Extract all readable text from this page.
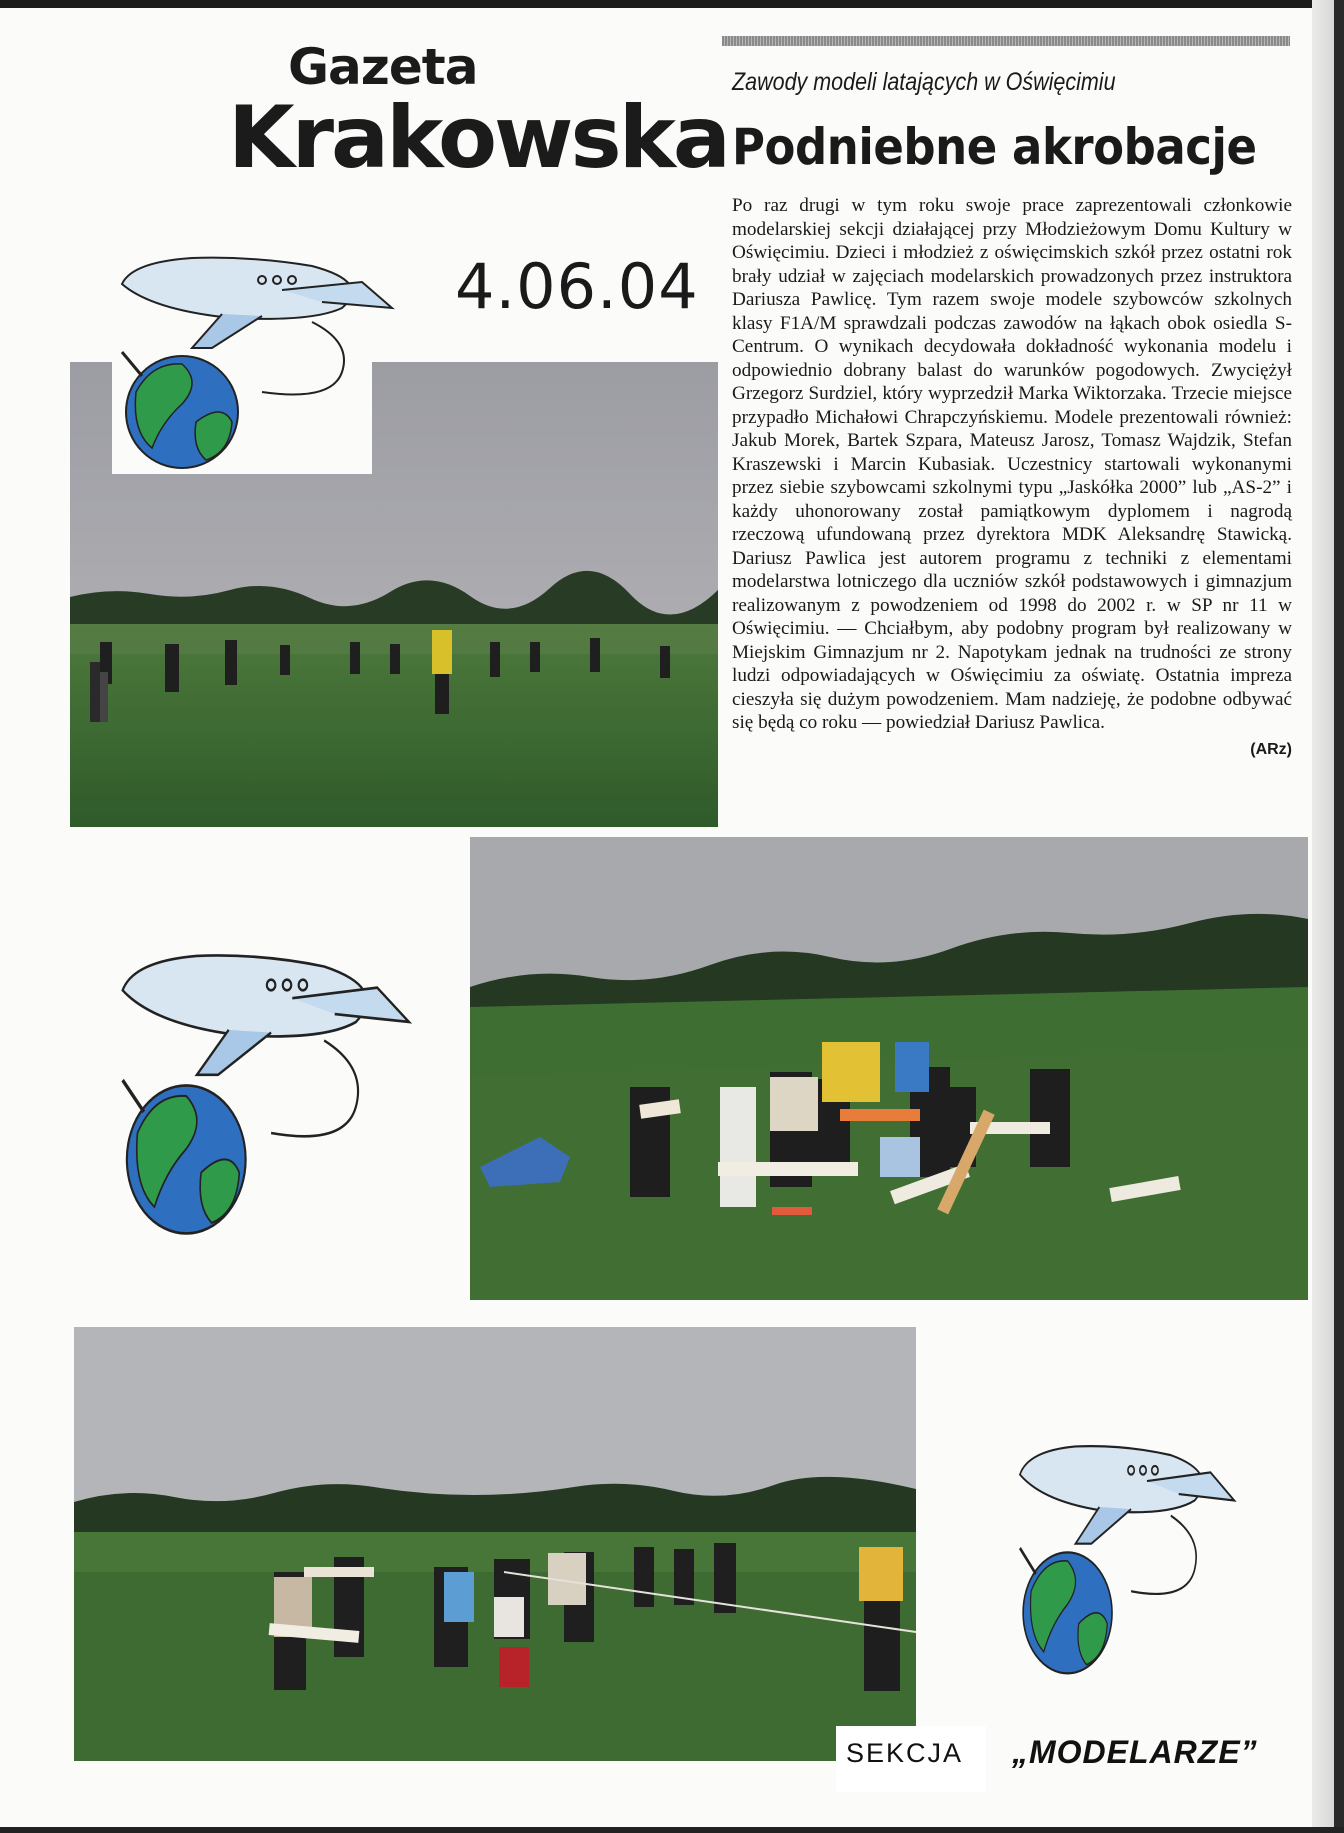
Gazeta
Krakowska
4.06.04
Zawody modeli latających w Oświęcimiu
Podniebne akrobacje

Po raz drugi w tym roku swoje prace zaprezentowali członkowie modelarskiej sekcji działającej przy Młodzieżowym Domu Kultury w Oświęcimiu. Dzieci i młodzież z oświęcimskich szkół przez ostatni rok brały udział w zajęciach modelarskich prowadzonych przez instruktora Dariusza Pawlicę. Tym razem swoje modele szybowców szkolnych klasy F1A/M sprawdzali podczas zawodów na łąkach obok osiedla S-Centrum. O wynikach decydowała dokładność wykonania modelu i odpowiednio dobrany balast do warunków pogodowych. Zwyciężył Grzegorz Surdziel, który wyprzedził Marka Wiktorzaka. Trzecie miejsce przypadło Michałowi Chrapczyńskiemu. Modele prezentowali również: Jakub Morek, Bartek Szpara, Mateusz Jarosz, Tomasz Wajdzik, Stefan Kraszewski i Marcin Kubasiak. Uczestnicy startowali wykonanymi przez siebie szybowcami szkolnymi typu „Jaskółka 2000” lub „AS-2” i każdy uhonorowany został pamiątkowym dyplomem i nagrodą rzeczową ufundowaną przez dyrektora MDK Aleksandrę Stawicką. Dariusz Pawlica jest autorem programu z techniki z elementami modelarstwa lotniczego dla uczniów szkół podstawowych i gimnazjum realizowanym z powodzeniem od 1998 do 2002 r. w SP nr 11 w Oświęcimiu. — Chciałbym, aby podobny program był realizowany w Miejskim Gimnazjum nr 2. Napotykam jednak na trudności ze strony ludzi odpowiadających w Oświęcimiu za oświatę. Ostatnia impreza cieszyła się dużym powodzeniem. Mam nadzieję, że podobne odbywać się będą co roku — powiedział Dariusz Pawlica.

(ARz)
SEKCJA „MODELARZE”
